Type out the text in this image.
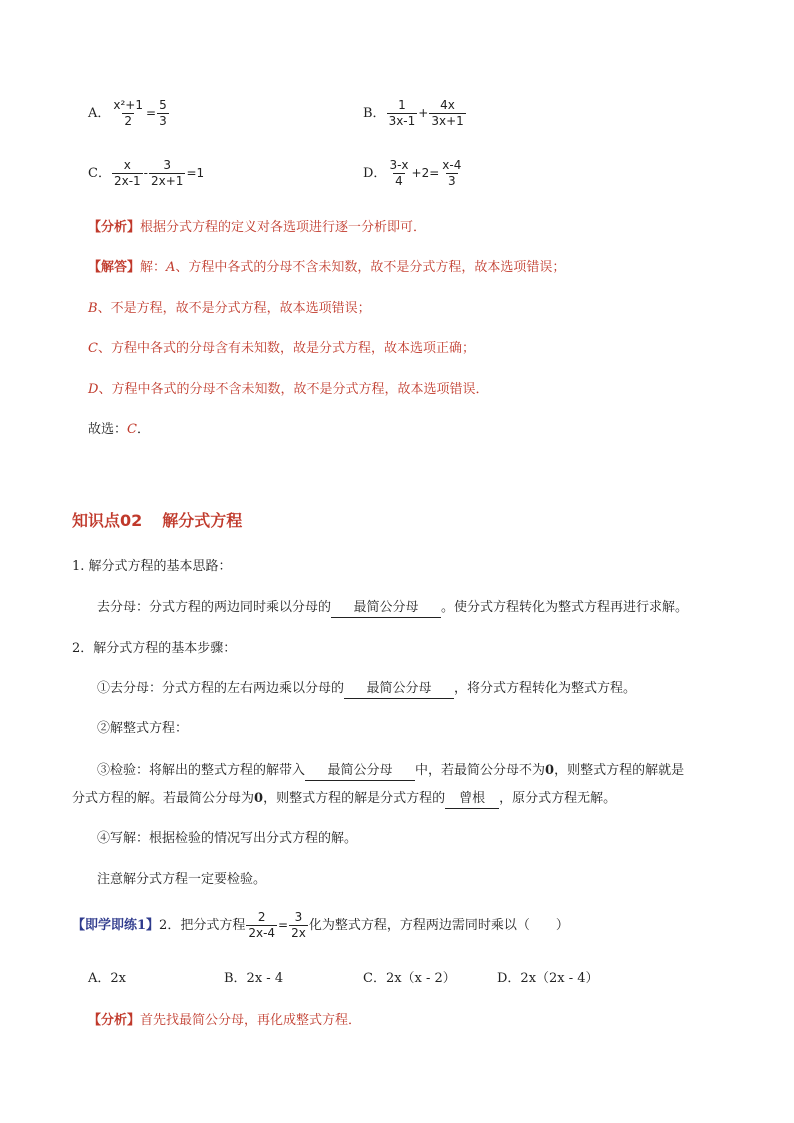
A． $\frac{\text{x²+1}}{2} = \frac{5}{3}$	B． $\frac{1}{3x-1} + \frac{4x}{3x+1}$
C． $\frac{x}{2x-1} - \frac{3}{2x+1} =1$	D． $\frac{3-x}{4} +2= \frac{x-4}{3}$
【分析】根据分式方程的定义对各选项进行逐一分析即可．
【解答】解：A、方程中各式的分母不含未知数，故不是分式方程，故本选项错误；
B、不是方程，故不是分式方程，故本选项错误；
C、方程中各式的分母含有未知数，故是分式方程，故本选项正确；
D、方程中各式的分母不含未知数，故不是分式方程，故本选项错误．
故选：C．
知识点02 解分式方程
1. 解分式方程的基本思路：
去分母：分式方程的两边同时乘以分母的 最简公分母 。使分式方程转化为整式方程再进行求解。
2．解分式方程的基本步骤：
①去分母：分式方程的左右两边乘以分母的 最简公分母 ，将分式方程转化为整式方程。
②解整式方程：
③检验：将解出的整式方程的解带入 最简公分母 中，若最简公分母不为0，则整式方程的解就是
分式方程的解。若最简公分母为0，则整式方程的解是分式方程的 曾根 ，原分式方程无解。
④写解：根据检验的情况写出分式方程的解。
注意解分式方程一定要检验。
【即学即练1】2．把分式方程 $\frac{2}{2x-4} = \frac{3}{2x}$ 化为整式方程，方程两边需同时乘以（　　）
A．2x	B．2x - 4	C．2x（x - 2）	D．2x（2x - 4）
【分析】首先找最简公分母，再化成整式方程．
